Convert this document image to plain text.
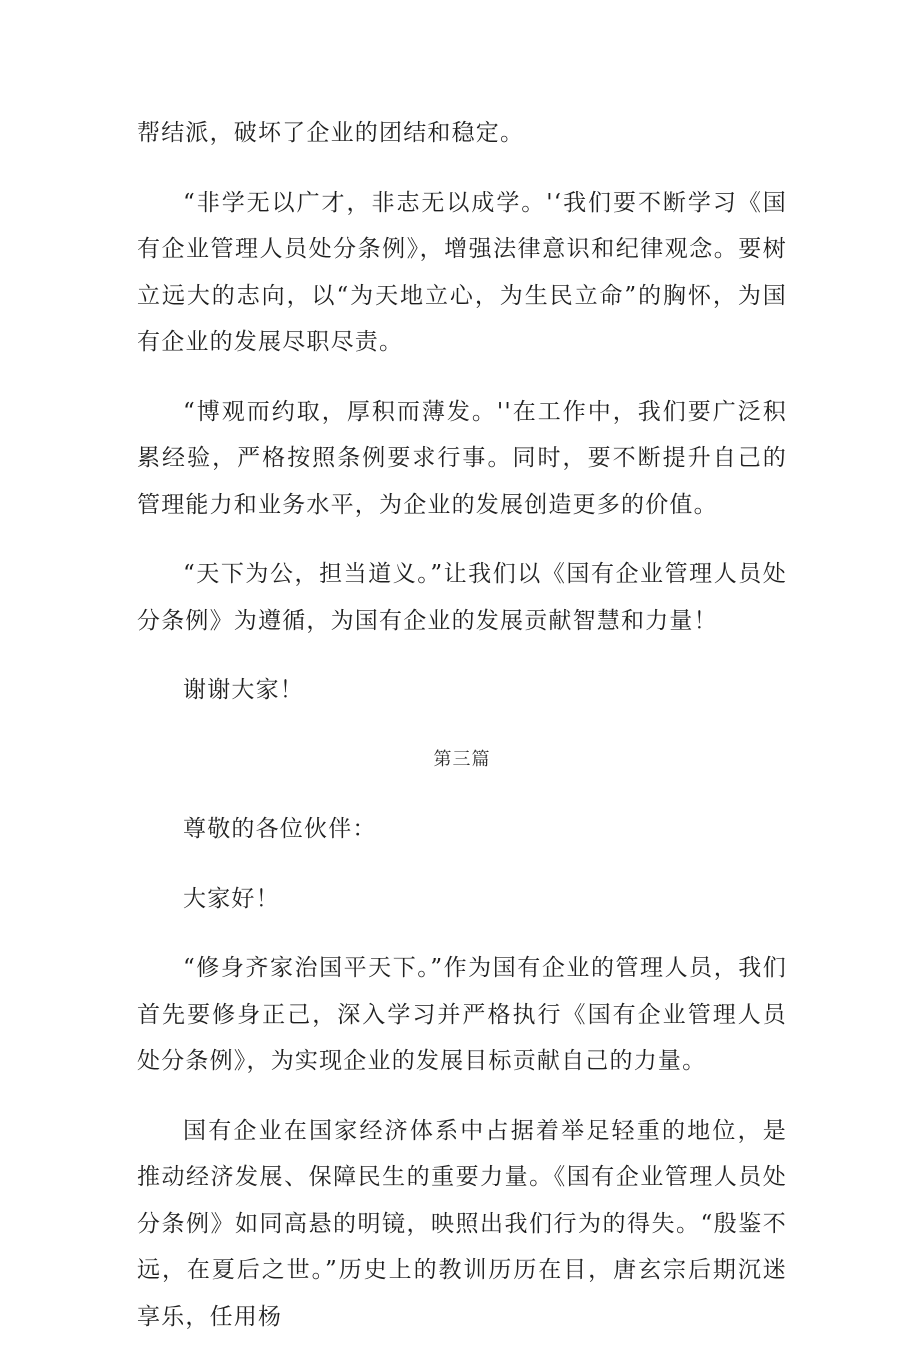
帮结派，破坏了企业的团结和稳定。

“非学无以广才，非志无以成学。'‘我们要不断学习《国有企业管理人员处分条例》，增强法律意识和纪律观念。要树立远大的志向，以“为天地立心，为生民立命”的胸怀，为国有企业的发展尽职尽责。

“博观而约取，厚积而薄发。''在工作中，我们要广泛积累经验，严格按照条例要求行事。同时，要不断提升自己的管理能力和业务水平，为企业的发展创造更多的价值。

“天下为公，担当道义。”让我们以《国有企业管理人员处分条例》为遵循，为国有企业的发展贡献智慧和力量！

谢谢大家！

第三篇

尊敬的各位伙伴：

大家好！

“修身齐家治国平天下。”作为国有企业的管理人员，我们首先要修身正己，深入学习并严格执行《国有企业管理人员处分条例》，为实现企业的发展目标贡献自己的力量。

国有企业在国家经济体系中占据着举足轻重的地位，是推动经济发展、保障民生的重要力量。《国有企业管理人员处分条例》如同高悬的明镜，映照出我们行为的得失。“殷鉴不远，在夏后之世。”历史上的教训历历在目，唐玄宗后期沉迷享乐，任用杨
